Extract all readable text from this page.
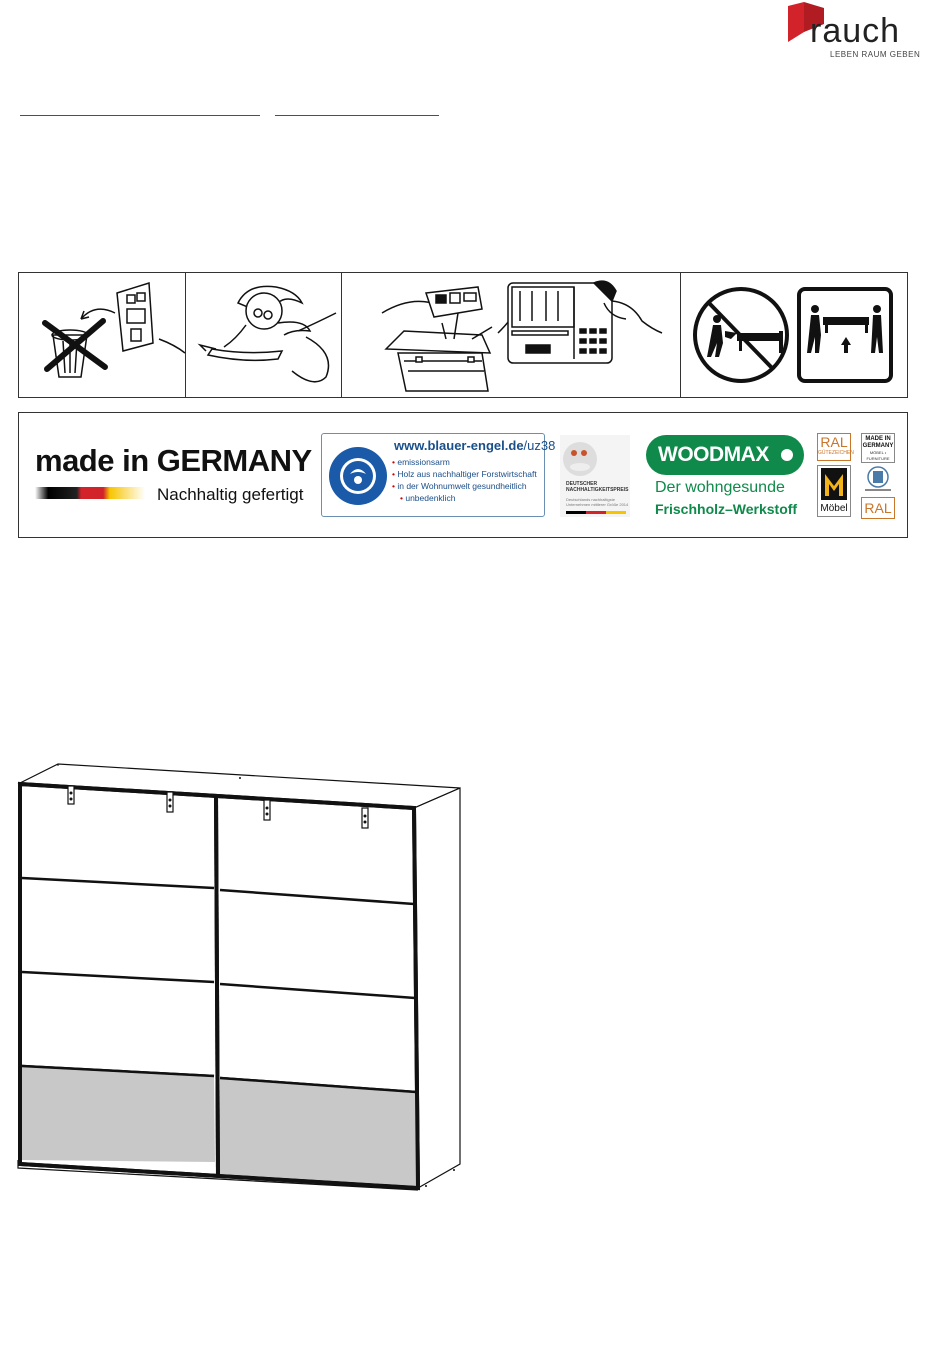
rauch
LEBEN RAUM GEBEN
made in GERMANY
Nachhaltig gefertigt
www.blauer-engel.de/uz38
• emissionsarm
• Holz aus nachhaltiger Forstwirtschaft
• in der Wohnumwelt gesundheitlich
• unbedenklich
DEUTSCHER NACHHALTIGKEITSPREIS
Deutschlands nachhaltigste Unternehmen mittlerer Größe 2014
WOODMAX
Der wohngesunde
Frischholz–Werkstoff
RAL
GÜTEZEICHEN
Möbel
MADE IN GERMANY
MÖBEL • FURNITURE
RAL
